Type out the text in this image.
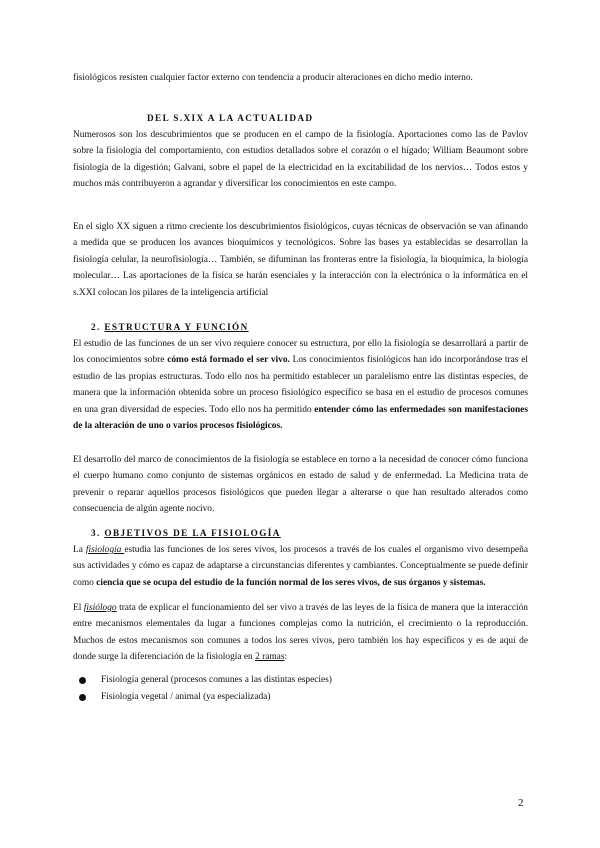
fisiológicos resisten cualquier factor externo con tendencia a producir alteraciones en dicho medio interno.

DEL S.XIX A LA ACTUALIDAD

Numerosos son los descubrimientos que se producen en el campo de la fisiología. Aportaciones como las de Pavlov sobre la fisiología del comportamiento, con estudios detallados sobre el corazón o el hígado; William Beaumont sobre fisiología de la digestión; Galvani, sobre el papel de la electricidad en la excitabilidad de los nervios… Todos estos y muchos más contribuyeron a agrandar y diversificar los conocimientos en este campo.

En el siglo XX siguen a ritmo creciente los descubrimientos fisiológicos, cuyas técnicas de observación se van afinando a medida que se producen los avances bioquímicos y tecnológicos. Sobre las bases ya establecidas se desarrollan la fisiología celular, la neurofisiología… También, se difuminan las fronteras entre la fisiología, la bioquímica, la biología molecular… Las aportaciones de la física se harán esenciales y la interacción con la electrónica o la informática en el s.XXI colocan los pilares de la inteligencia artificial

2. ESTRUCTURA Y FUNCIÓN

El estudio de las funciones de un ser vivo requiere conocer su estructura, por ello la fisiología se desarrollará a partir de los conocimientos sobre cómo está formado el ser vivo. Los conocimientos fisiológicos han ido incorporándose tras el estudio de las propias estructuras. Todo ello nos ha permitido establecer un paralelismo entre las distintas especies, de manera que la información obtenida sobre un proceso fisiológico específico se basa en el estudio de procesos comunes en una gran diversidad de especies. Todo ello nos ha permitido entender cómo las enfermedades son manifestaciones de la alteración de uno o varios procesos fisiológicos.

El desarrollo del marco de conocimientos de la fisiología se establece en torno a la necesidad de conocer cómo funciona el cuerpo humano como conjunto de sistemas orgánicos en estado de salud y de enfermedad. La Medicina trata de prevenir o reparar aquellos procesos fisiológicos que pueden llegar a alterarse o que han resultado alterados como consecuencia de algún agente nocivo.

3. OBJETIVOS DE LA FISIOLOGÍA

La fisiología estudia las funciones de los seres vivos, los procesos a través de los cuales el organismo vivo desempeña sus actividades y cómo es capaz de adaptarse a circunstancias diferentes y cambiantes. Conceptualmente se puede definir como ciencia que se ocupa del estudio de la función normal de los seres vivos, de sus órganos y sistemas.

El fisiólogo trata de explicar el funcionamiento del ser vivo a través de las leyes de la física de manera que la interacción entre mecanismos elementales da lugar a funciones complejas como la nutrición, el crecimiento o la reproducción. Muchos de estos mecanismos son comunes a todos los seres vivos, pero también los hay específicos y es de aquí de donde surge la diferenciación de la fisiología en 2 ramas:

Fisiología general (procesos comunes a las distintas especies)
Fisiología vegetal / animal (ya especializada)
2
